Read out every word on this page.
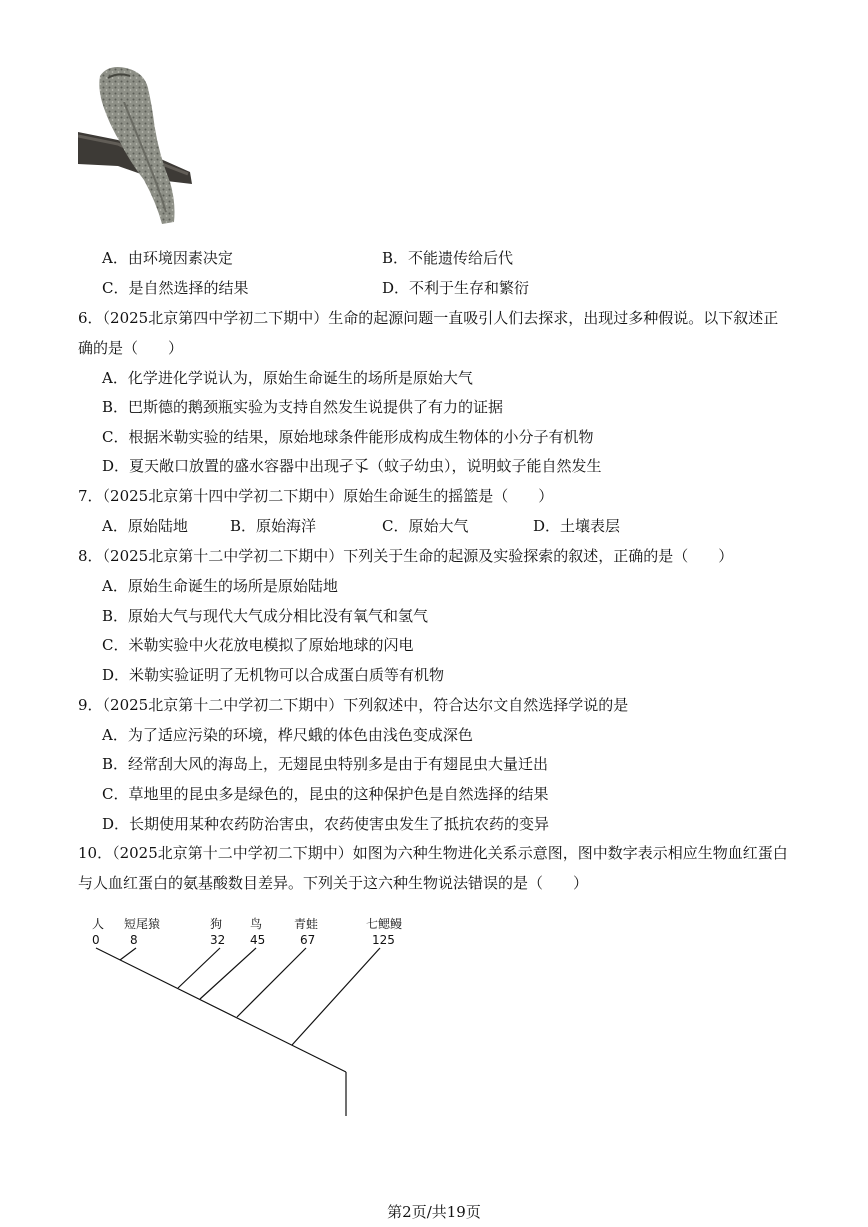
A．由环境因素决定	B．不能遗传给后代
C．是自然选择的结果	D．不利于生存和繁衍
6．（2025北京第四中学初二下期中）生命的起源问题一直吸引人们去探求，出现过多种假说。以下叙述正
确的是（　　）
A．化学进化学说认为，原始生命诞生的场所是原始大气
B．巴斯德的鹅颈瓶实验为支持自然发生说提供了有力的证据
C．根据米勒实验的结果，原始地球条件能形成构成生物体的小分子有机物
D．夏天敞口放置的盛水容器中出现孑孓（蚊子幼虫），说明蚊子能自然发生
7．（2025北京第十四中学初二下期中）原始生命诞生的摇篮是（　　）
A．原始陆地	B．原始海洋	C．原始大气	D．土壤表层
8．（2025北京第十二中学初二下期中）下列关于生命的起源及实验探索的叙述，正确的是（　　）
A．原始生命诞生的场所是原始陆地
B．原始大气与现代大气成分相比没有氧气和氢气
C．米勒实验中火花放电模拟了原始地球的闪电
D．米勒实验证明了无机物可以合成蛋白质等有机物
9．（2025北京第十二中学初二下期中）下列叙述中，符合达尔文自然选择学说的是
A．为了适应污染的环境，桦尺蛾的体色由浅色变成深色
B．经常刮大风的海岛上，无翅昆虫特别多是由于有翅昆虫大量迁出
C．草地里的昆虫多是绿色的，昆虫的这种保护色是自然选择的结果
D．长期使用某种农药防治害虫，农药使害虫发生了抵抗农药的变异
10．（2025北京第十二中学初二下期中）如图为六种生物进化关系示意图，图中数字表示相应生物血红蛋白
与人血红蛋白的氨基酸数目差异。下列关于这六种生物说法错误的是（　　）
人 短尾猿	狗 鸟	青蛙	七鳃鳗
0	8	32 45	67	125
第2页/共19页
